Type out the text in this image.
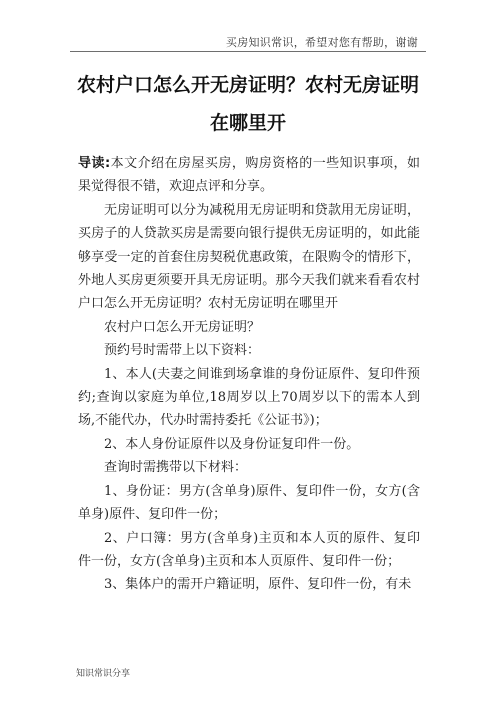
买房知识常识，希望对您有帮助，谢谢
农村户口怎么开无房证明？农村无房证明
在哪里开

导读:本文介绍在房屋买房，购房资格的一些知识事项，如果觉得很不错，欢迎点评和分享。

无房证明可以分为减税用无房证明和贷款用无房证明，买房子的人贷款买房是需要向银行提供无房证明的，如此能够享受一定的首套住房契税优惠政策，在限购令的情形下，外地人买房更须要开具无房证明。那今天我们就来看看农村户口怎么开无房证明？农村无房证明在哪里开

农村户口怎么开无房证明？

预约号时需带上以下资料：

1、本人(夫妻之间谁到场拿谁的身份证原件、复印件预约;查询以家庭为单位,18周岁以上70周岁以下的需本人到场,不能代办，代办时需持委托《公证书》)；

2、本人身份证原件以及身份证复印件一份。

查询时需携带以下材料：

1、身份证：男方(含单身)原件、复印件一份，女方(含单身)原件、复印件一份；

2、户口簿：男方(含单身)主页和本人页的原件、复印件一份，女方(含单身)主页和本人页原件、复印件一份；

3、集体户的需开户籍证明，原件、复印件一份，有未

知识常识分享
